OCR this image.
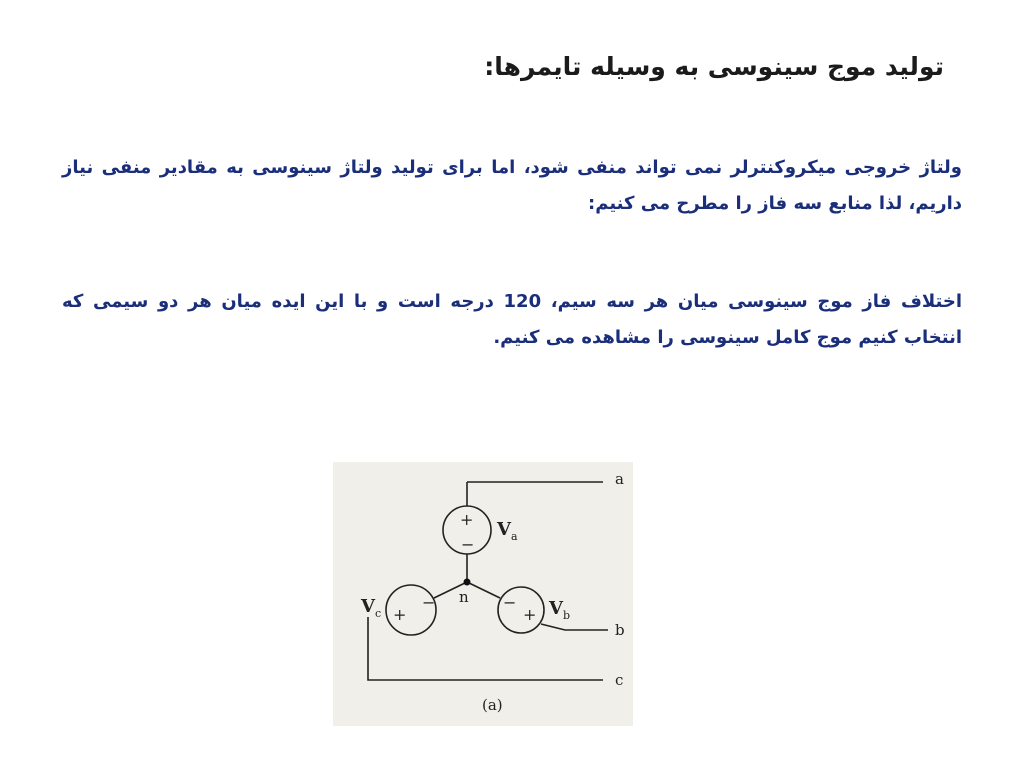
تولید موج سینوسی به وسیله تایمرها:
ولتاژ خروجی میکروکنترلر نمی تواند منفی شود، اما برای تولید ولتاژ سینوسی به مقادیر منفی نیاز داریم، لذا منابع سه فاز را مطرح می کنیم:
اختلاف فاز موج سینوسی میان هر سه سیم، 120 درجه است و با این ایده میان هر دو سیمی که انتخاب کنیم موج کامل سینوسی را مشاهده می کنیم.
+
−
−
+
+
−
$V_a$
$V_b$
$V_c$
a
b
c
n
(a)
